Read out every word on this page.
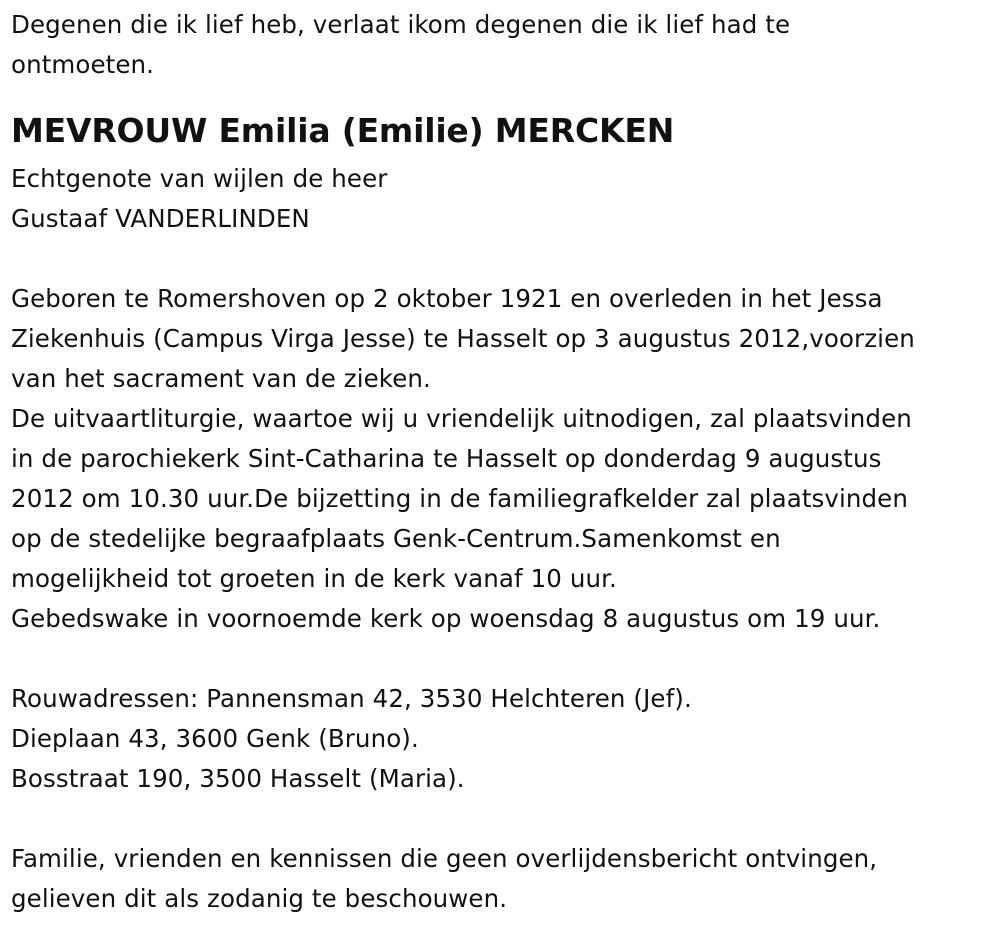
Degenen die ik lief heb, verlaat ikom degenen die ik lief had te
ontmoeten.
MEVROUW Emilia (Emilie) MERCKEN
Echtgenote van wijlen de heer
Gustaaf VANDERLINDEN
Geboren te Romershoven op 2 oktober 1921 en overleden in het Jessa
Ziekenhuis (Campus Virga Jesse) te Hasselt op 3 augustus 2012,voorzien
van het sacrament van de zieken.
De uitvaartliturgie, waartoe wij u vriendelijk uitnodigen, zal plaatsvinden
in de parochiekerk Sint-Catharina te Hasselt op donderdag 9 augustus
2012 om 10.30 uur.De bijzetting in de familiegrafkelder zal plaatsvinden
op de stedelijke begraafplaats Genk-Centrum.Samenkomst en
mogelijkheid tot groeten in de kerk vanaf 10 uur.
Gebedswake in voornoemde kerk op woensdag 8 augustus om 19 uur.
Rouwadressen: Pannensman 42, 3530 Helchteren (Jef).
Dieplaan 43, 3600 Genk (Bruno).
Bosstraat 190, 3500 Hasselt (Maria).
Familie, vrienden en kennissen die geen overlijdensbericht ontvingen,
gelieven dit als zodanig te beschouwen.
